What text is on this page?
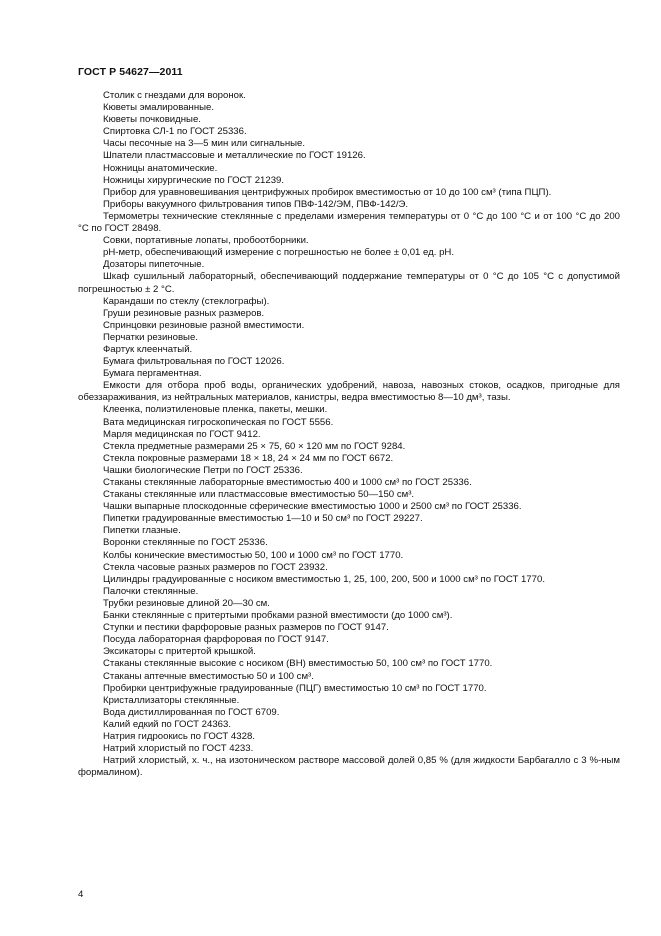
ГОСТ Р 54627—2011

Столик с гнездами для воронок.

Кюветы эмалированные.

Кюветы почковидные.

Спиртовка СЛ-1 по ГОСТ 25336.

Часы песочные на 3—5 мин или сигнальные.

Шпатели пластмассовые и металлические по ГОСТ 19126.

Ножницы анатомические.

Ножницы хирургические по ГОСТ 21239.

Прибор для уравновешивания центрифужных пробирок вместимостью от 10 до 100 см³ (типа ПЦП).

Приборы вакуумного фильтрования типов ПВФ-142/ЭМ, ПВФ-142/Э.

Термометры технические стеклянные с пределами измерения температуры от 0 °С до 100 °С и от 100 °С до 200 °С по ГОСТ 28498.

Совки, портативные лопаты, пробоотборники.

рН-метр, обеспечивающий измерение с погрешностью не более ± 0,01 ед. рН.

Дозаторы пипеточные.

Шкаф сушильный лабораторный, обеспечивающий поддержание температуры от 0 °С до 105 °С с допустимой погрешностью ± 2 °С.

Карандаши по стеклу (стеклографы).

Груши резиновые разных размеров.

Спринцовки резиновые разной вместимости.

Перчатки резиновые.

Фартук клеенчатый.

Бумага фильтровальная по ГОСТ 12026.

Бумага пергаментная.

Емкости для отбора проб воды, органических удобрений, навоза, навозных стоков, осадков, пригодные для обеззараживания, из нейтральных материалов, канистры, ведра вместимостью 8—10 дм³, тазы.

Клеенка, полиэтиленовые пленка, пакеты, мешки.

Вата медицинская гигроскопическая по ГОСТ 5556.

Марля медицинская по ГОСТ 9412.

Стекла предметные размерами 25 × 75, 60 × 120 мм по ГОСТ 9284.

Стекла покровные размерами 18 × 18, 24 × 24 мм по ГОСТ 6672.

Чашки биологические Петри по ГОСТ 25336.

Стаканы стеклянные лабораторные вместимостью 400 и 1000 см³ по ГОСТ 25336.

Стаканы стеклянные или пластмассовые вместимостью 50—150 см³.

Чашки выпарные плоскодонные сферические вместимостью 1000 и 2500 см³ по ГОСТ 25336.

Пипетки градуированные вместимостью 1—10 и 50 см³ по ГОСТ 29227.

Пипетки глазные.

Воронки стеклянные по ГОСТ 25336.

Колбы конические вместимостью 50, 100 и 1000 см³ по ГОСТ 1770.

Стекла часовые разных размеров по ГОСТ 23932.

Цилиндры градуированные с носиком вместимостью 1, 25, 100, 200, 500 и 1000 см³ по ГОСТ 1770.

Палочки стеклянные.

Трубки резиновые длиной 20—30 см.

Банки стеклянные с притертыми пробками разной вместимости (до 1000 см³).

Ступки и пестики фарфоровые разных размеров по ГОСТ 9147.

Посуда лабораторная фарфоровая по ГОСТ 9147.

Эксикаторы с притертой крышкой.

Стаканы стеклянные высокие с носиком (ВН) вместимостью 50, 100 см³ по ГОСТ 1770.

Стаканы аптечные вместимостью 50 и 100 см³.

Пробирки центрифужные градуированные (ПЦГ) вместимостью 10 см³ по ГОСТ 1770.

Кристаллизаторы стеклянные.

Вода дистиллированная по ГОСТ 6709.

Калий едкий по ГОСТ 24363.

Натрия гидроокись по ГОСТ 4328.

Натрий хлористый по ГОСТ 4233.

Натрий хлористый, х. ч., на изотоническом растворе массовой долей 0,85 % (для жидкости Барбагалло с 3 %-ным формалином).

4
